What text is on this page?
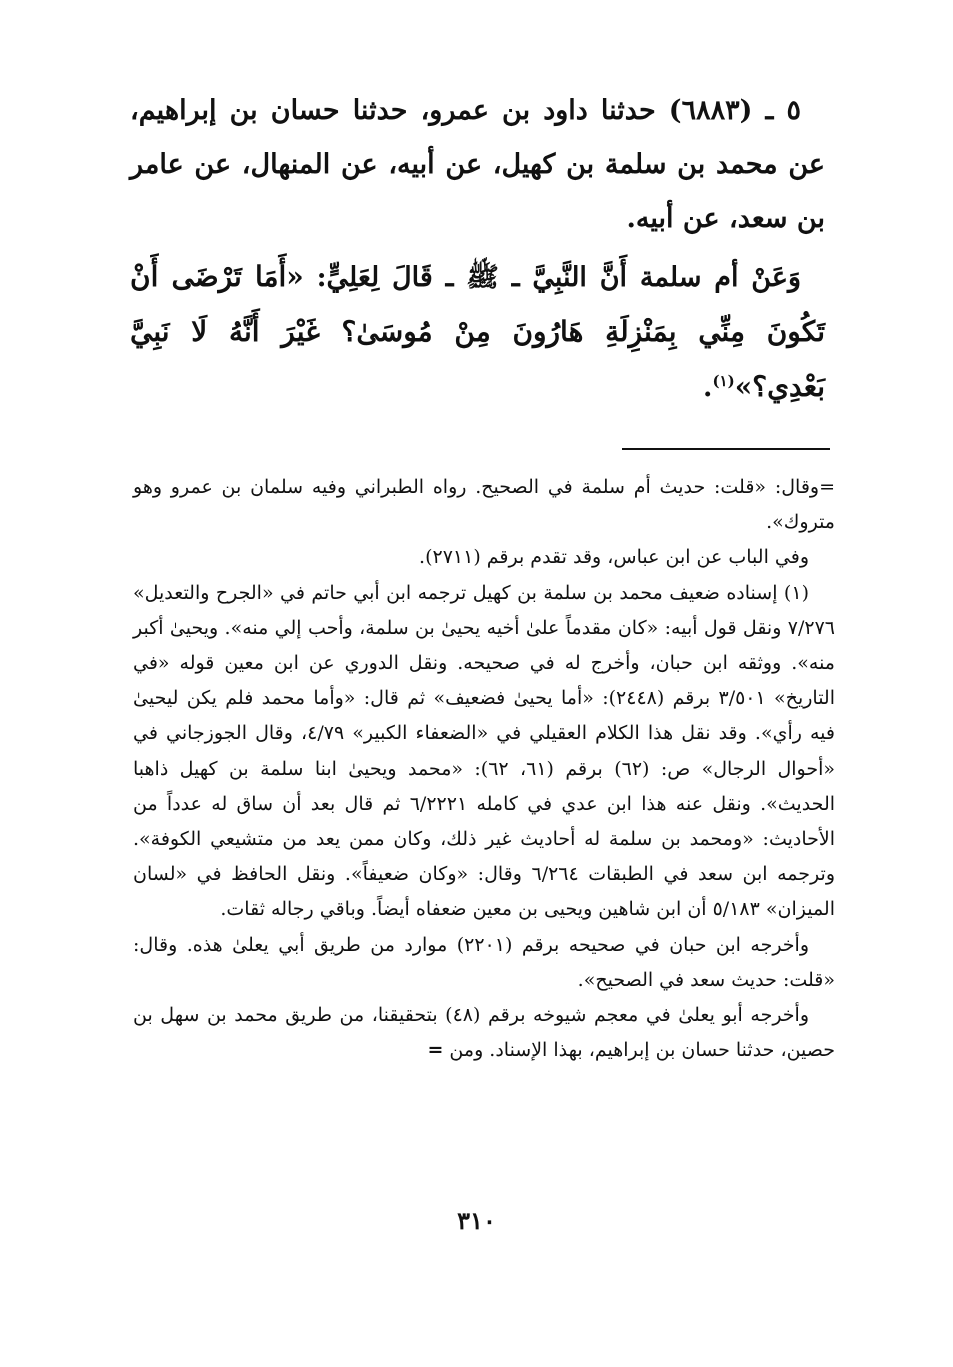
٥ ـ (٦٨٨٣) حدثنا داود بن عمرو، حدثنا حسان بن إبراهيم، عن محمد بن سلمة بن كهيل، عن أبيه، عن المنهال، عن عامر بن سعد، عن أبيه.

وَعَنْ أم سلمة أَنَّ النَّبِيَّ ـ ﷺ ـ قَالَ لِعَلِيٍّ: «أَمَا تَرْضَى أَنْ تَكُونَ مِنِّي بِمَنْزِلَةِ هَارُونَ مِنْ مُوسَىٰ؟ غَيْرَ أَنَّهُ لَا نَبِيَّ بَعْدِي؟»$^{(١)}$.

=وقال: «قلت: حديث أم سلمة في الصحيح. رواه الطبراني وفيه سلمان بن عمرو وهو متروك».

وفي الباب عن ابن عباس، وقد تقدم برقم (٢٧١١).

(١) إسناده ضعيف محمد بن سلمة بن كهيل ترجمه ابن أبي حاتم في «الجرح والتعديل» ٧/٢٧٦ ونقل قول أبيه: «كان مقدماً علىٰ أخيه يحيىٰ بن سلمة، وأحب إلي منه». ويحيىٰ أكبر منه». ووثقه ابن حبان، وأخرج له في صحيحه. ونقل الدوري عن ابن معين قوله «في التاريخ» ٣/٥٠١ برقم (٢٤٤٨): «أما يحيىٰ فضعيف» ثم قال: «وأما محمد فلم يكن ليحيىٰ فيه رأي». وقد نقل هذا الكلام العقيلي في «الضعفاء الكبير» ٤/٧٩، وقال الجوزجاني في «أحوال الرجال» ص: (٦٢) برقم (٦١، ٦٢): «محمد ويحيىٰ ابنا سلمة بن كهيل ذاهبا الحديث». ونقل عنه هذا ابن عدي في كامله ٦/٢٢٢١ ثم قال بعد أن ساق له عدداً من الأحاديث: «ومحمد بن سلمة له أحاديث غير ذلك، وكان ممن يعد من متشيعي الكوفة». وترجمه ابن سعد في الطبقات ٦/٢٦٤ وقال: «وكان ضعيفاً». ونقل الحافظ في «لسان الميزان» ٥/١٨٣ أن ابن شاهين ويحيى بن معين ضعفاه أيضاً. وباقي رجاله ثقات.

وأخرجه ابن حبان في صحيحه برقم (٢٢٠١) موارد من طريق أبي يعلىٰ هذه. وقال: «قلت: حديث سعد في الصحيح».

وأخرجه أبو يعلىٰ في معجم شيوخه برقم (٤٨) بتحقيقنا، من طريق محمد بن سهل بن حصين، حدثنا حسان بن إبراهيم، بهذا الإسناد. ومن =

٣١٠
